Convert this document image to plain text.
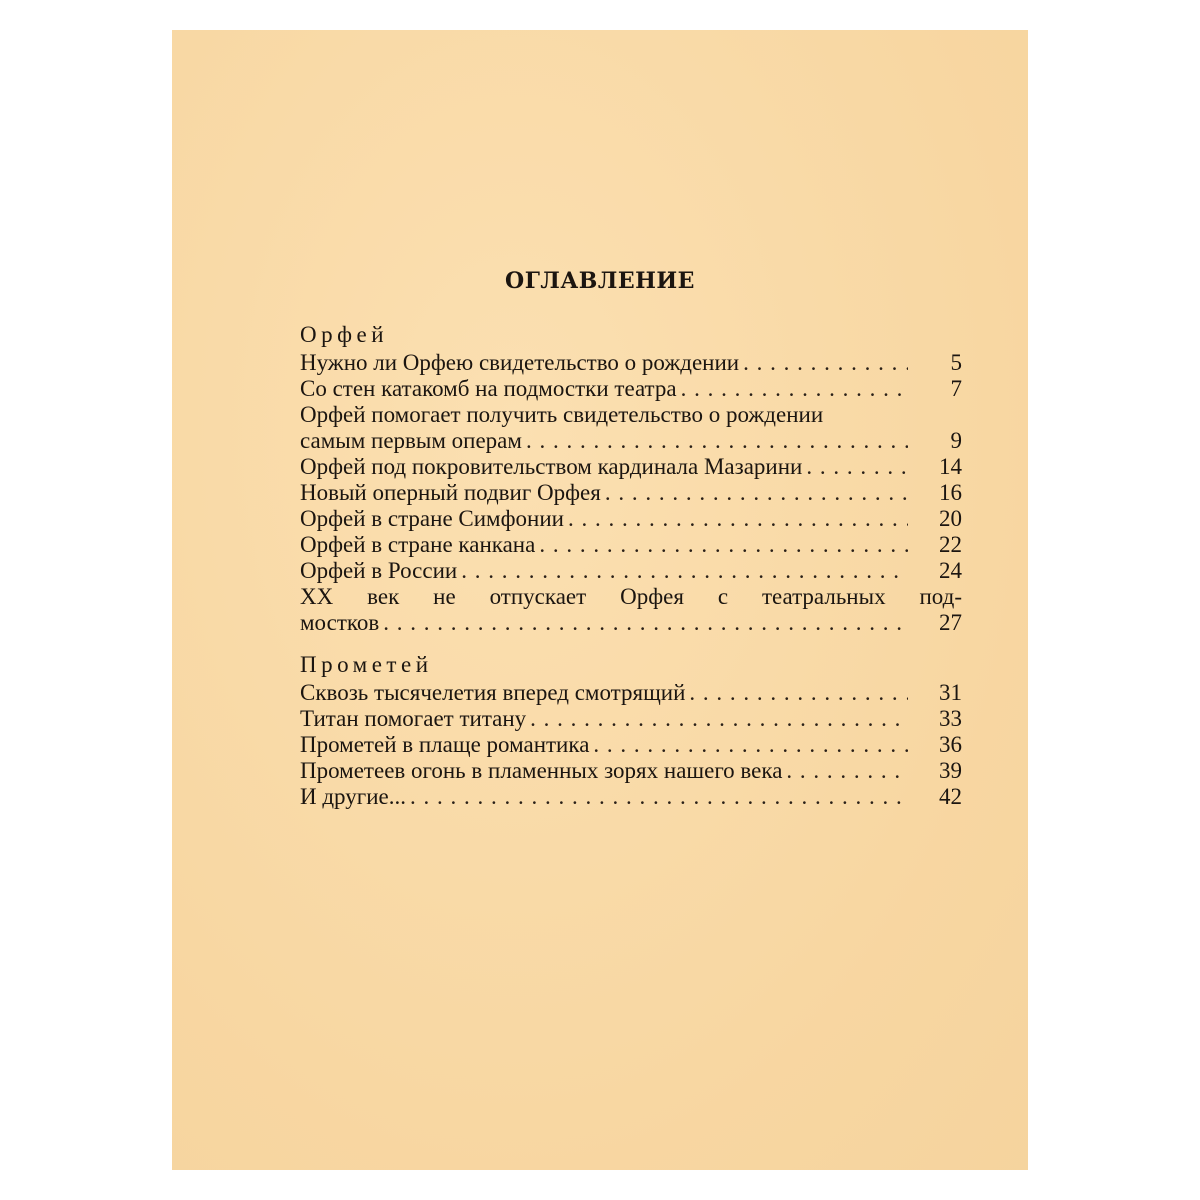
ОГЛАВЛЕНИЕ
Орфей
Нужно ли Орфею свидетельство о рождении . . .	5
Со стен катакомб на подмостки театра . . .	7
Орфей помогает получить свидетельство о рождении
самым первым операм . . .	9
Орфей под покровительством кардинала Мазарини . . .	14
Новый оперный подвиг Орфея . . .	16
Орфей в стране Симфонии . . .	20
Орфей в стране канкана . . .	22
Орфей в России . . .	24
XX век не отпускает Орфея с театральных под-
мостков . . .	27
Прометей
Сквозь тысячелетия вперед смотрящий . . .	31
Титан помогает титану . . .	33
Прометей в плаще романтика . . .	36
Прометеев огонь в пламенных зорях нашего века . . .	39
И другие... . . .	42
